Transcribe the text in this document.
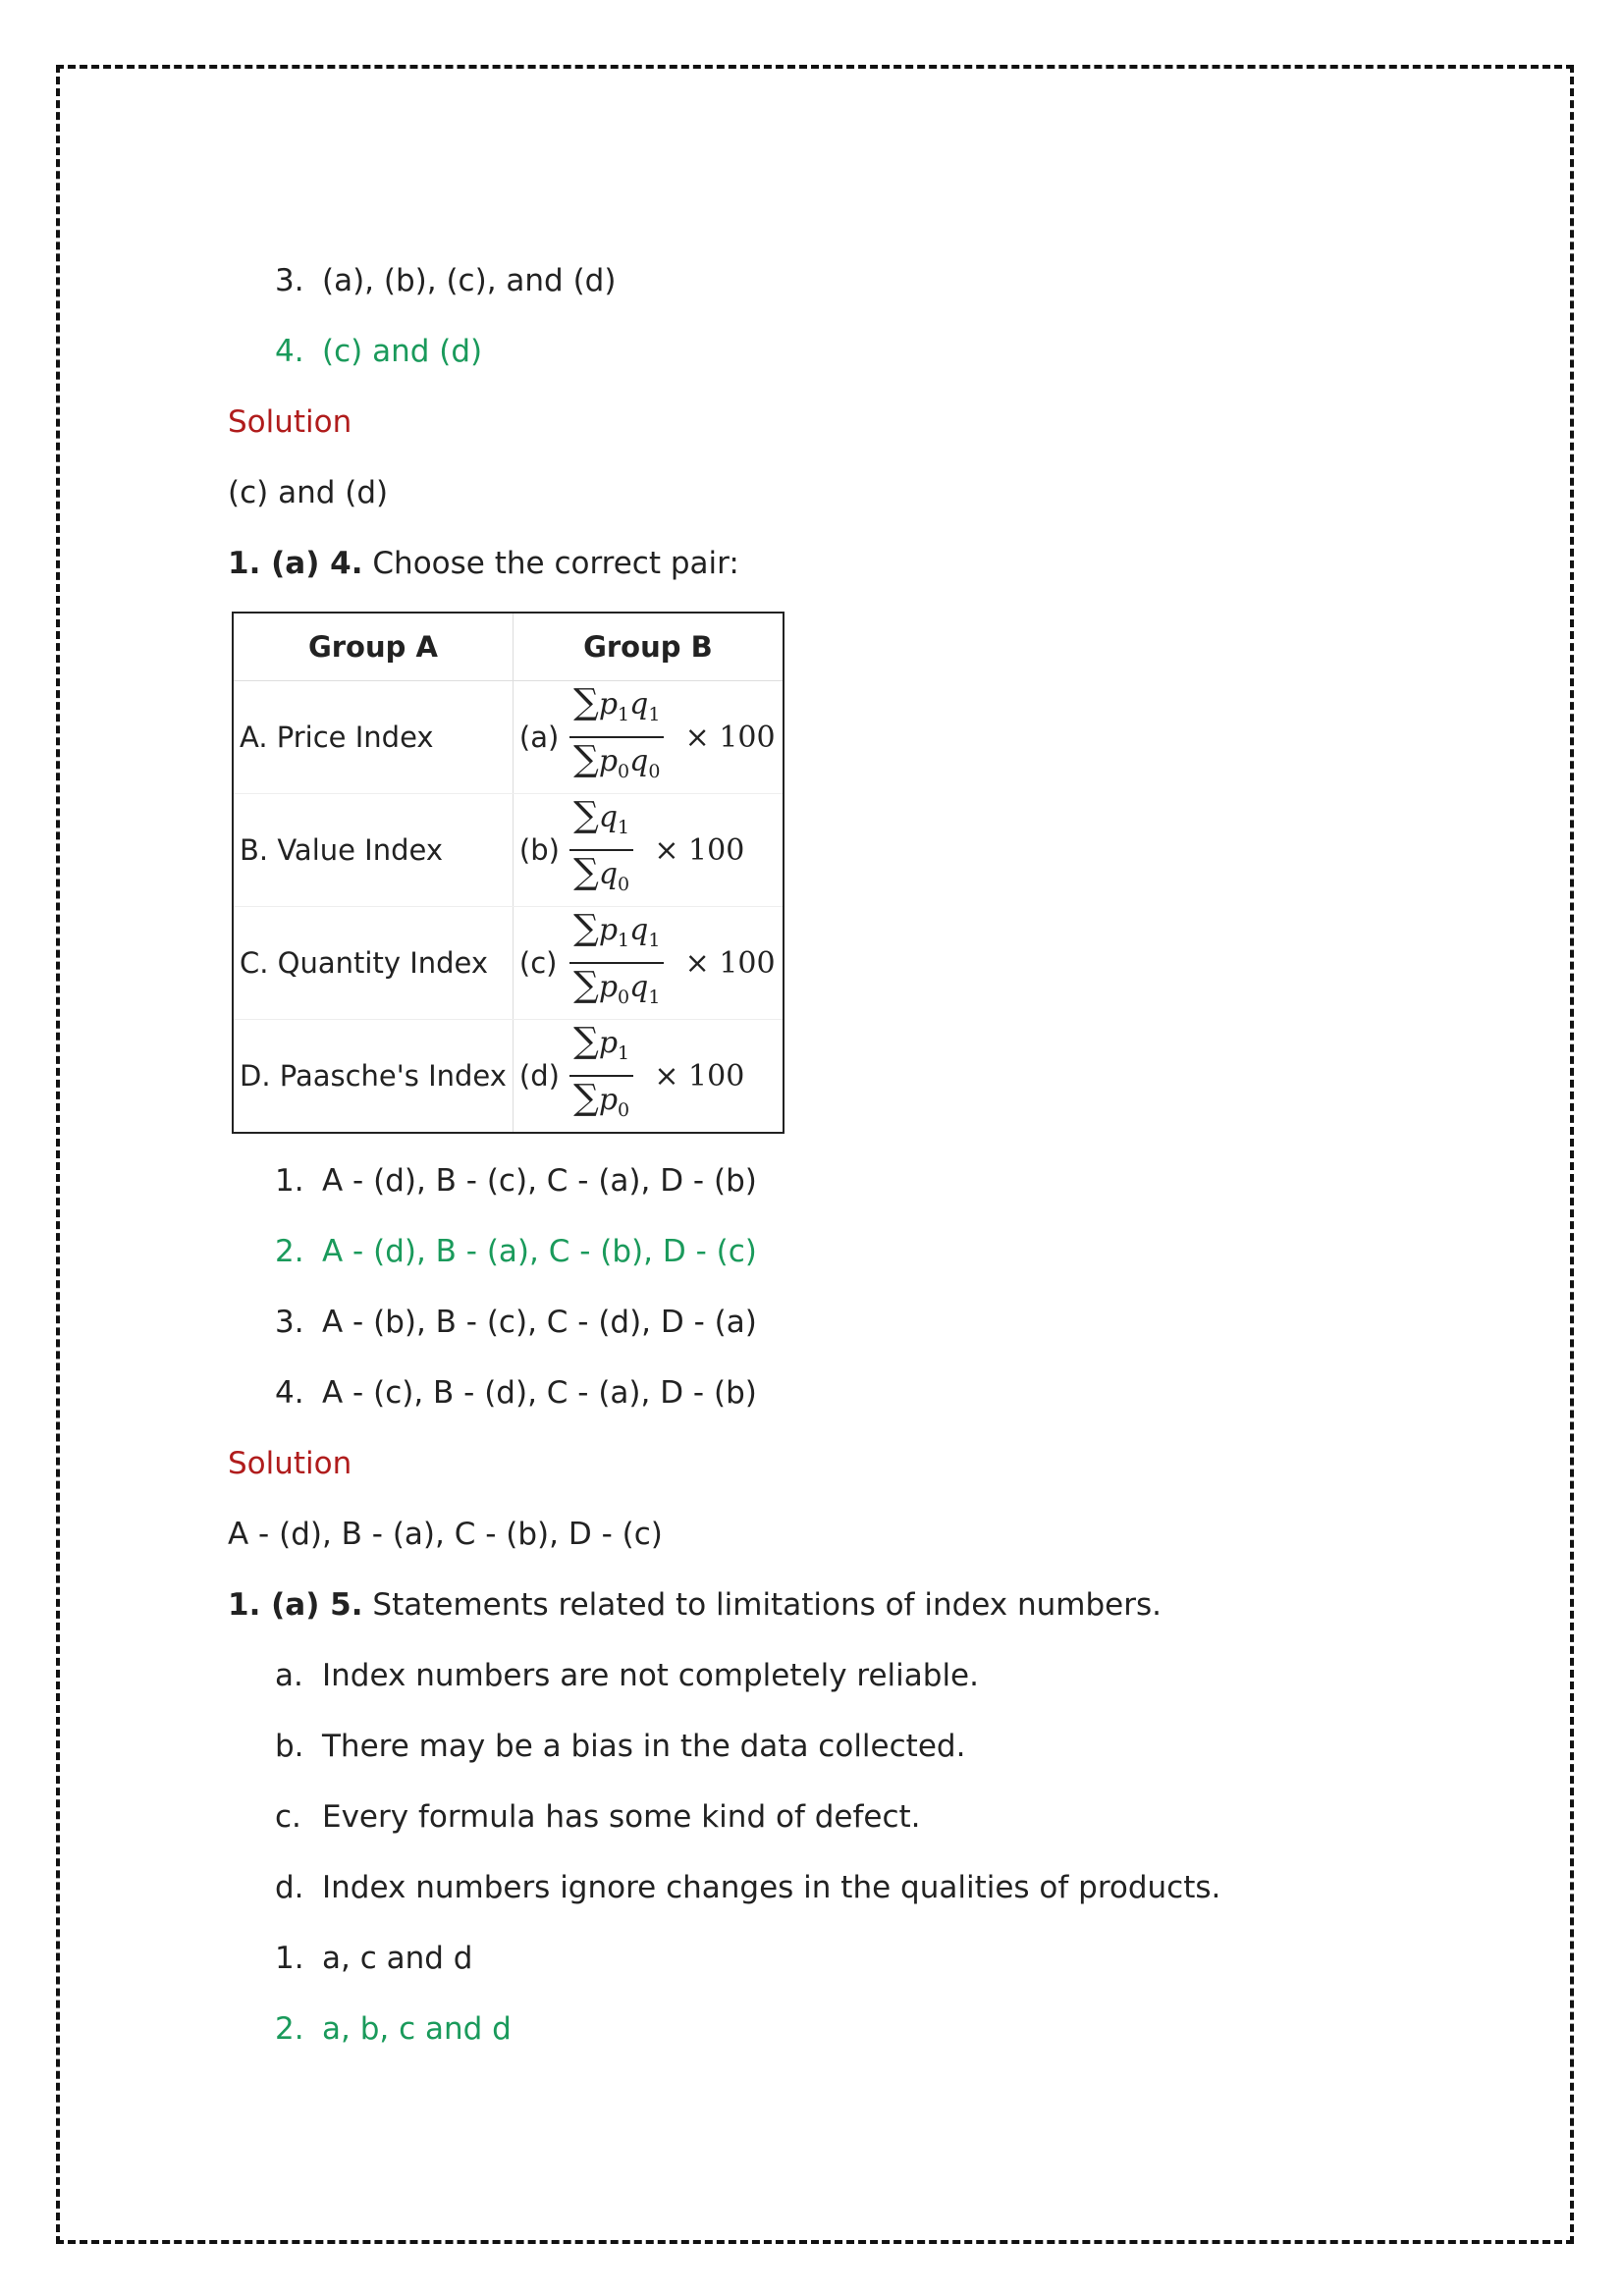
3. (a), (b), (c), and (d)
4. (c) and (d)
Solution
(c) and (d)
1. (a) 4. Choose the correct pair:
Group A	Group B
A. Price Index	$(a) \frac{\sum p_1q_1}{\sum p_0q_0} \times 100$
B. Value Index	$(b) \frac{\sum q_1}{\sum q_0} \times 100$
C. Quantity Index	$(c) \frac{\sum p_1q_1}{\sum p_0q_1} \times 100$
D. Paasche's Index	$(d) \frac{\sum p_1}{\sum p_0} \times 100$
1. A - (d), B - (c), C - (a), D - (b)
2. A - (d), B - (a), C - (b), D - (c)
3. A - (b), B - (c), C - (d), D - (a)
4. A - (c), B - (d), C - (a), D - (b)
Solution
A - (d), B - (a), C - (b), D - (c)
1. (a) 5. Statements related to limitations of index numbers.
a. Index numbers are not completely reliable.
b. There may be a bias in the data collected.
c. Every formula has some kind of defect.
d. Index numbers ignore changes in the qualities of products.
1. a, c and d
2. a, b, c and d
